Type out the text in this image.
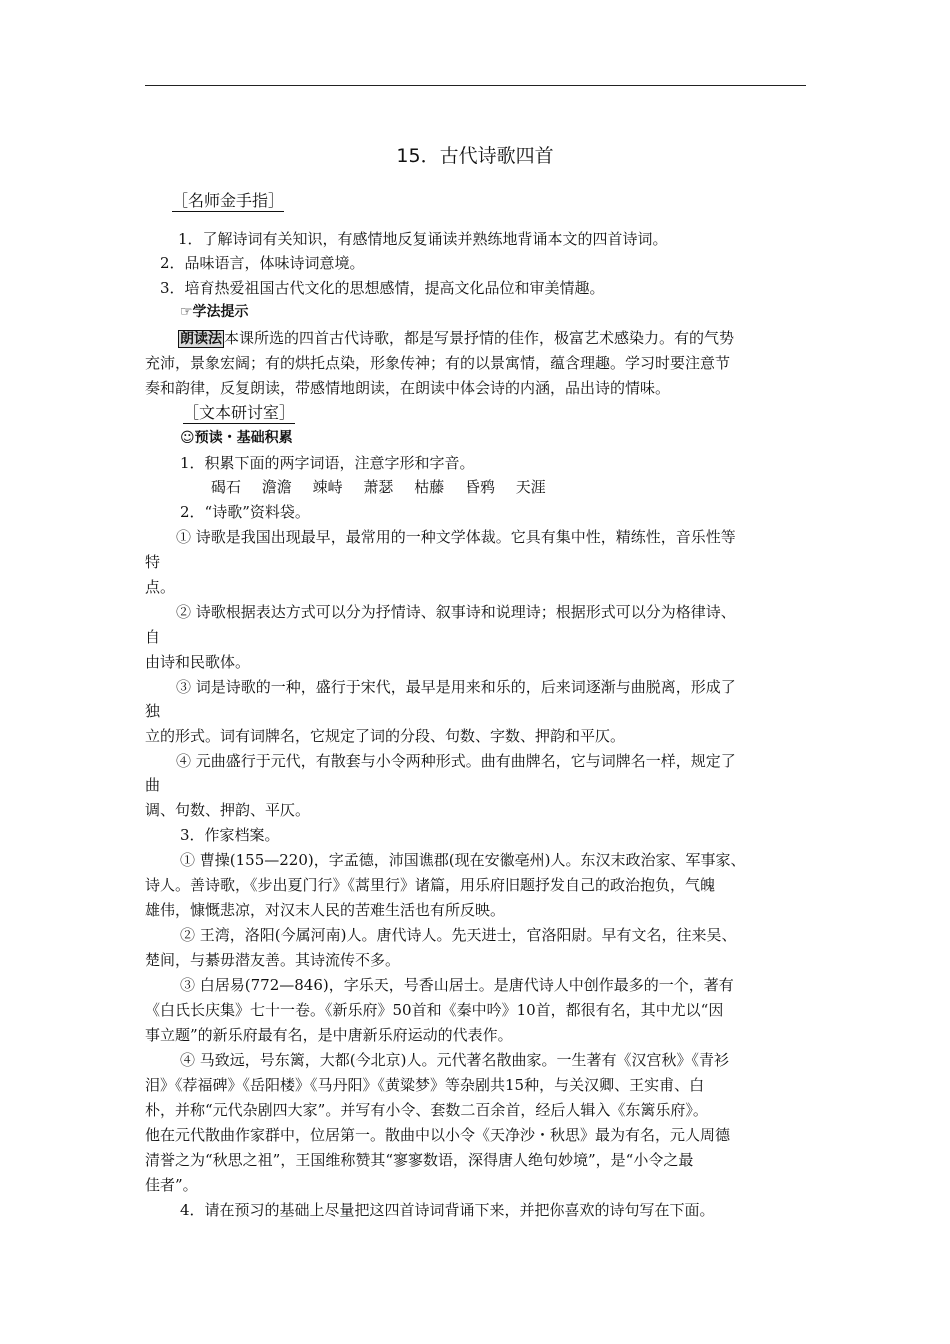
15．古代诗歌四首
［名师金手指］
1．了解诗词有关知识，有感情地反复诵读并熟练地背诵本文的四首诗词。
2．品味语言，体味诗词意境。
3．培育热爱祖国古代文化的思想感情，提高文化品位和审美情趣。
☞学法提示
朗读法 本课所选的四首古代诗歌，都是写景抒情的佳作，极富艺术感染力。有的气势
充沛，景象宏阔；有的烘托点染，形象传神；有的以景寓情，蕴含理趣。学习时要注意节
奏和韵律，反复朗读，带感情地朗读，在朗读中体会诗的内涵，品出诗的情味。
［文本研讨室］
☺预读・基础积累
1．积累下面的两字词语，注意字形和字音。
碣石 澹澹 竦峙 萧瑟 枯藤 昏鸦 天涯
2．“诗歌”资料袋。
① 诗歌是我国出现最早，最常用的一种文学体裁。它具有集中性，精练性，音乐性等
特
点。
② 诗歌根据表达方式可以分为抒情诗、叙事诗和说理诗；根据形式可以分为格律诗、
自
由诗和民歌体。
③ 词是诗歌的一种，盛行于宋代，最早是用来和乐的，后来词逐渐与曲脱离，形成了
独
立的形式。词有词牌名，它规定了词的分段、句数、字数、押韵和平仄。
④ 元曲盛行于元代，有散套与小令两种形式。曲有曲牌名，它与词牌名一样，规定了
曲
调、句数、押韵、平仄。
3．作家档案。
① 曹操(155—220)，字孟德，沛国谯郡(现在安徽亳州)人。东汉末政治家、军事家、
诗人。善诗歌，《步出夏门行》《蒿里行》诸篇，用乐府旧题抒发自己的政治抱负，气魄
雄伟，慷慨悲凉，对汉末人民的苦难生活也有所反映。
② 王湾，洛阳(今属河南)人。唐代诗人。先天进士，官洛阳尉。早有文名，往来吴、
楚间，与綦毋潜友善。其诗流传不多。
③ 白居易(772—846)，字乐天，号香山居士。是唐代诗人中创作最多的一个，著有
《白氏长庆集》七十一卷。《新乐府》50首和《秦中吟》10首，都很有名，其中尤以“因
事立题”的新乐府最有名，是中唐新乐府运动的代表作。
④ 马致远，号东篱，大都(今北京)人。元代著名散曲家。一生著有《汉宫秋》《青衫
泪》《荐福碑》《岳阳楼》《马丹阳》《黄粱梦》等杂剧共15种，与关汉卿、王实甫、白
朴，并称“元代杂剧四大家”。并写有小令、套数二百余首，经后人辑入《东篱乐府》。
他在元代散曲作家群中，位居第一。散曲中以小令《天净沙・秋思》最为有名，元人周德
清誉之为“秋思之祖”，王国维称赞其“寥寥数语，深得唐人绝句妙境”，是“小令之最
佳者”。
4．请在预习的基础上尽量把这四首诗词背诵下来，并把你喜欢的诗句写在下面。
